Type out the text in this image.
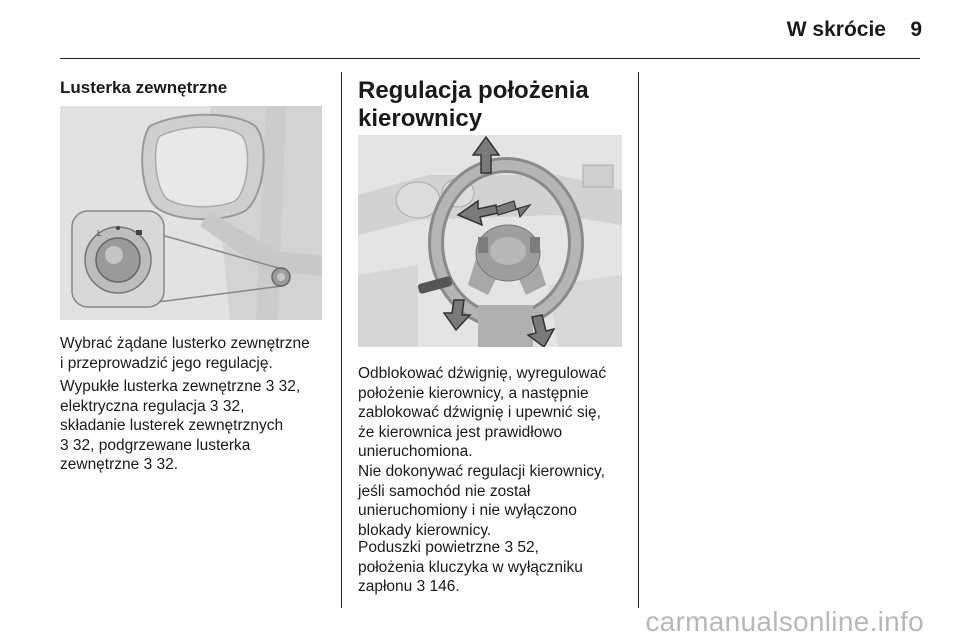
W skrócie 9
Lusterka zewnętrzne
L

Wybrać żądane lusterko zewnętrzne
i przeprowadzić jego regulację.

Wypukłe lusterka zewnętrzne 3 32,
elektryczna regulacja 3 32,
składanie lusterek zewnętrznych
3 32, podgrzewane lusterka
zewnętrzne 3 32.

Regulacja położenia
kierownicy

Odblokować dźwignię, wyregulować
położenie kierownicy, a następnie
zablokować dźwignię i upewnić się,
że kierownica jest prawidłowo
unieruchomiona.

Nie dokonywać regulacji kierownicy,
jeśli samochód nie został
unieruchomiony i nie wyłączono
blokady kierownicy.

Poduszki powietrzne 3 52,
położenia kluczyka w wyłączniku
zapłonu 3 146.

carmanualsonline.info
